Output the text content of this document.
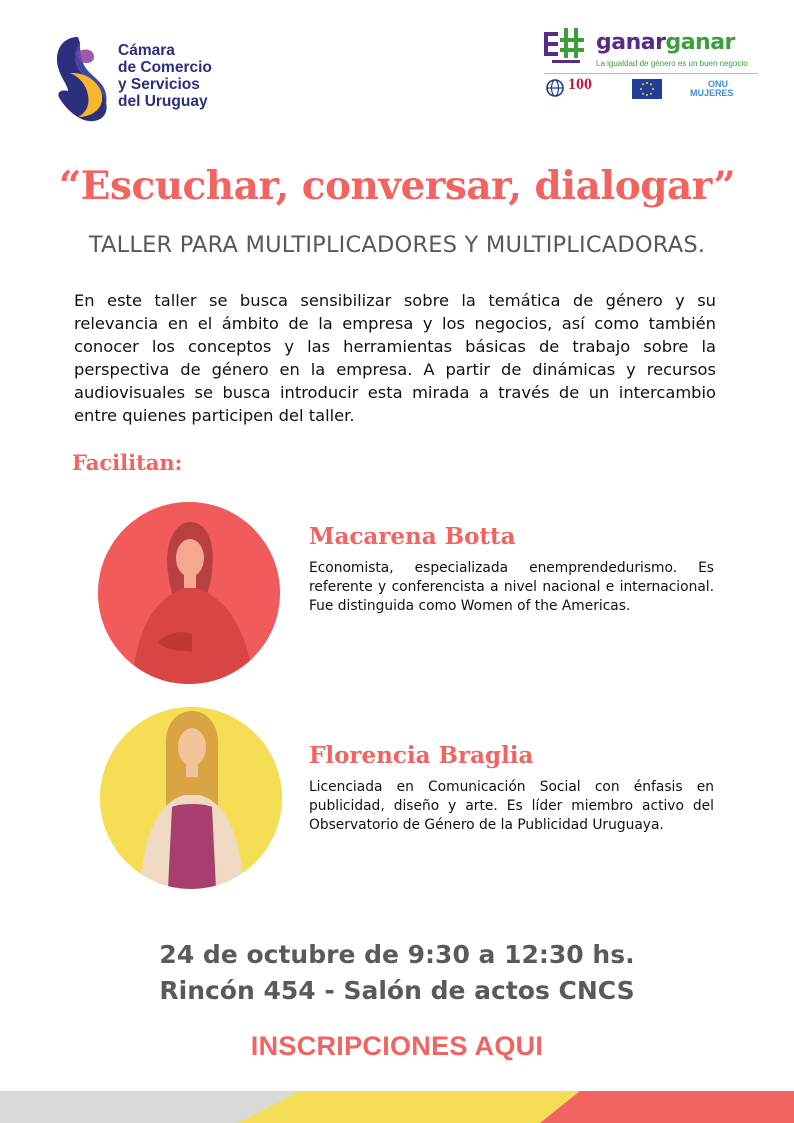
Cámara
de Comercio
y Servicios
del Uruguay
ganarganar
La igualdad de género es un buen negocio
100	ONU
MUJERES
“Escuchar, conversar, dialogar”
TALLER PARA MULTIPLICADORES Y MULTIPLICADORAS.
En este taller se busca sensibilizar sobre la temática de género y su relevancia en el ámbito de la empresa y los negocios, así como también conocer los conceptos y las herramientas básicas de trabajo sobre la perspectiva de género en la empresa. A partir de dinámicas y recursos audiovisuales se busca introducir esta mirada a través de un intercambio entre quienes participen del taller.
Facilitan:
Macarena Botta
Economista, especializada enemprendedurismo. Es referente y conferencista a nivel nacional e internacional. Fue distinguida como Women of the Americas.
Florencia Braglia
Licenciada en Comunicación Social con énfasis en publicidad, diseño y arte. Es líder miembro activo del Observatorio de Género de la Publicidad Uruguaya.
24 de octubre de 9:30 a 12:30 hs.
Rincón 454 - Salón de actos CNCS
INSCRIPCIONES AQUI
